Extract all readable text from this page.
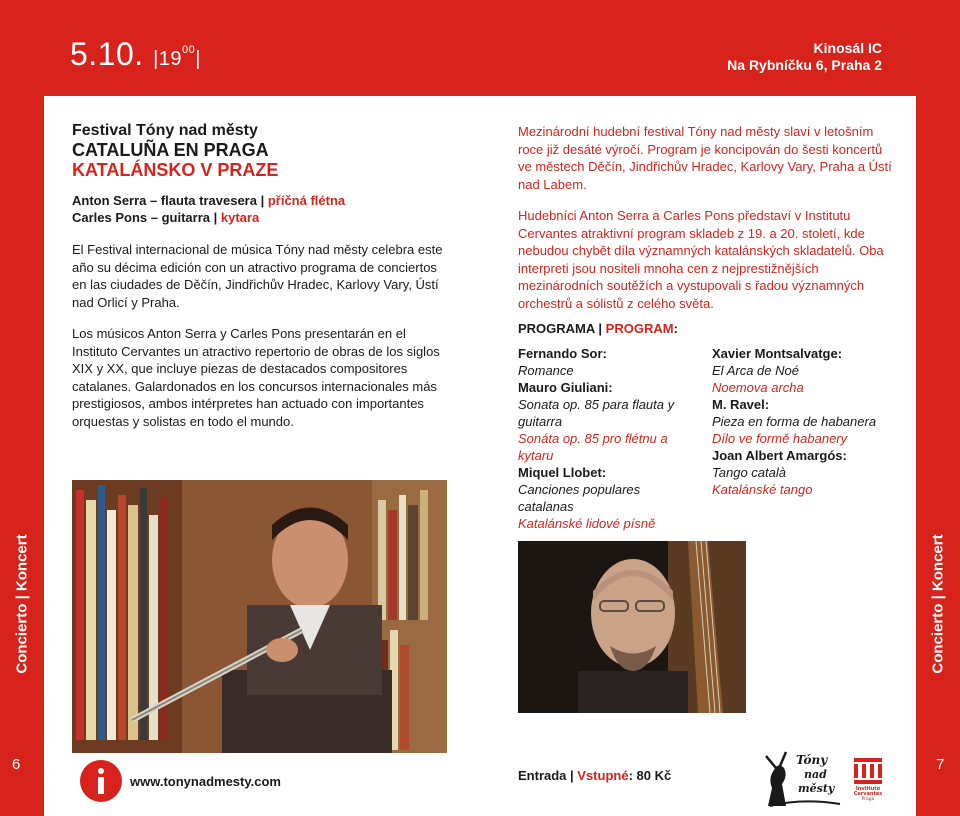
5.10. $|19^{00}|$	Kinosál IC
Na Rybníčku 6, Praha 2
Concierto | Koncert
6
Concierto | Koncert
7
Festival Tóny nad městy
CATALUÑA EN PRAGA
KATALÁNSKO V PRAZE
Anton Serra – flauta travesera | příčná flétna
Carles Pons – guitarra | kytara

El Festival internacional de música Tóny nad městy celebra este año su décima edición con un atractivo programa de conciertos en las ciudades de Děčín, Jindřichův Hradec, Karlovy Vary, Ústí nad Orlicí y Praha.

Los músicos Anton Serra y Carles Pons presentarán en el Instituto Cervantes un atractivo repertorio de obras de los siglos XIX y XX, que incluye piezas de destacados compositores catalanes. Galardonados en los concursos internacionales más prestigiosos, ambos intérpretes han actuado con importantes orquestas y solistas en todo el mundo.

Mezinárodní hudební festival Tóny nad městy slaví v letošním roce již desáté výročí. Program je koncipován do šesti koncertů ve městech Děčín, Jindřichův Hradec, Karlovy Vary, Praha a Ústí nad Labem.

Hudebníci Anton Serra a Carles Pons představí v Institutu Cervantes atraktivní program skladeb z 19. a 20. století, kde nebudou chybět díla významných katalánských skladatelů. Oba interpreti jsou nositeli mnoha cen z nejprestižnějších mezinárodních soutěžích a vystupovali s řadou významných orchestrů a sólistů z celého světa.

PROGRAMA | PROGRAM:
Fernando Sor:
Romance
Mauro Giuliani:
Sonata op. 85 para flauta y guitarra
Sonáta op. 85 pro flétnu a kytaru
Miquel Llobet:
Canciones populares catalanas
Katalánské lidové písně
Xavier Montsalvatge:
El Arca de Noé
Noemova archa
M. Ravel:
Pieza en forma de habanera
Dílo ve formě habanery
Joan Albert Amargós:
Tango català
Katalánské tango
www.tonynadmesty.com	Entrada | Vstupné: 80 Kč
Tóny
nad
městy	Instituto
Cervantes
Praga
